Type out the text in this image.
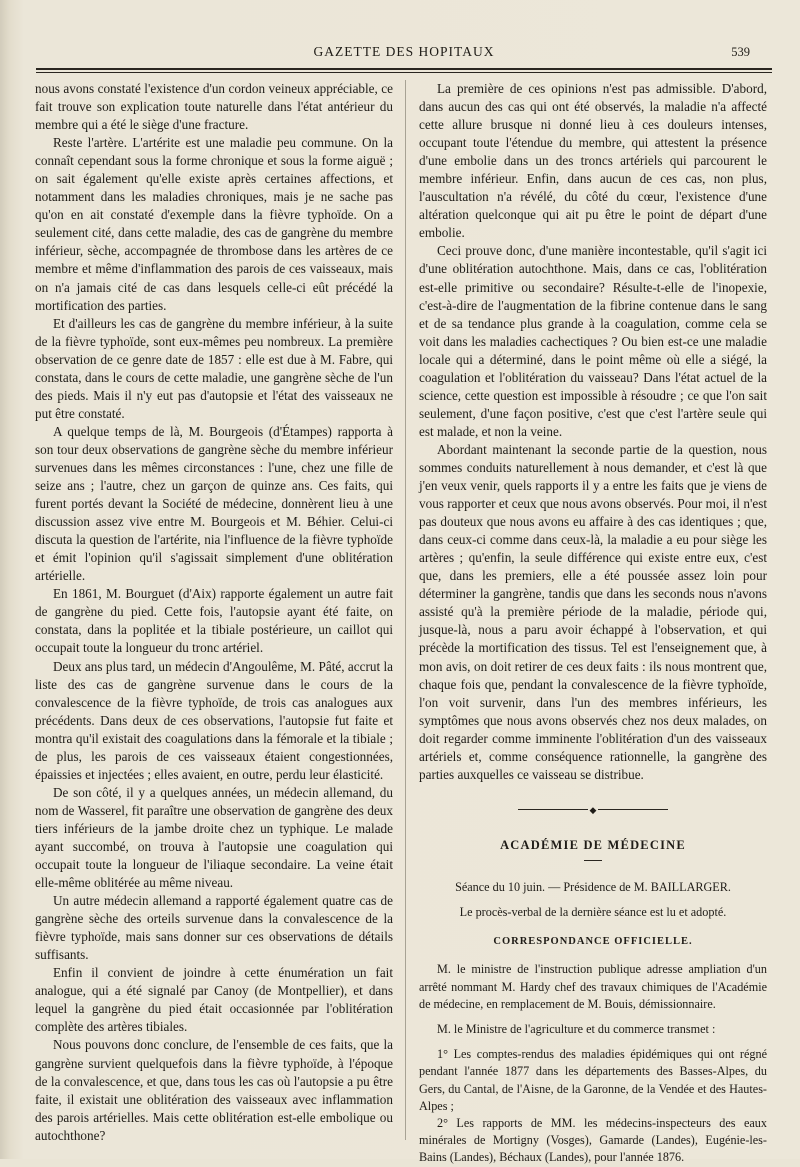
GAZETTE DES HOPITAUX	539

nous avons constaté l'existence d'un cordon veineux appréciable, ce fait trouve son explication toute naturelle dans l'état antérieur du membre qui a été le siège d'une fracture.

Reste l'artère. L'artérite est une maladie peu commune. On la connaît cependant sous la forme chronique et sous la forme aiguë ; on sait également qu'elle existe après certaines affections, et notamment dans les maladies chroniques, mais je ne sache pas qu'on en ait constaté d'exemple dans la fièvre typhoïde. On a seulement cité, dans cette maladie, des cas de gangrène du membre inférieur, sèche, accompagnée de thrombose dans les artères de ce membre et même d'inflammation des parois de ces vaisseaux, mais on n'a jamais cité de cas dans lesquels celle-ci eût précédé la mortification des parties.

Et d'ailleurs les cas de gangrène du membre inférieur, à la suite de la fièvre typhoïde, sont eux-mêmes peu nombreux. La première observation de ce genre date de 1857 : elle est due à M. Fabre, qui constata, dans le cours de cette maladie, une gangrène sèche de l'un des pieds. Mais il n'y eut pas d'autopsie et l'état des vaisseaux ne put être constaté.

A quelque temps de là, M. Bourgeois (d'Étampes) rapporta à son tour deux observations de gangrène sèche du membre inférieur survenues dans les mêmes circonstances : l'une, chez une fille de seize ans ; l'autre, chez un garçon de quinze ans. Ces faits, qui furent portés devant la Société de médecine, donnèrent lieu à une discussion assez vive entre M. Bourgeois et M. Béhier. Celui-ci discuta la question de l'artérite, nia l'influence de la fièvre typhoïde et émit l'opinion qu'il s'agissait simplement d'une oblitération artérielle.

En 1861, M. Bourguet (d'Aix) rapporte également un autre fait de gangrène du pied. Cette fois, l'autopsie ayant été faite, on constata, dans la poplitée et la tibiale postérieure, un caillot qui occupait toute la longueur du tronc artériel.

Deux ans plus tard, un médecin d'Angoulême, M. Pâté, accrut la liste des cas de gangrène survenue dans le cours de la convalescence de la fièvre typhoïde, de trois cas analogues aux précédents. Dans deux de ces observations, l'autopsie fut faite et montra qu'il existait des coagulations dans la fémorale et la tibiale ; de plus, les parois de ces vaisseaux étaient congestionnées, épaissies et injectées ; elles avaient, en outre, perdu leur élasticité.

De son côté, il y a quelques années, un médecin allemand, du nom de Wasserel, fit paraître une observation de gangrène des deux tiers inférieurs de la jambe droite chez un typhique. Le malade ayant succombé, on trouva à l'autopsie une coagulation qui occupait toute la longueur de l'iliaque secondaire. La veine était elle-même oblitérée au même niveau.

Un autre médecin allemand a rapporté également quatre cas de gangrène sèche des orteils survenue dans la convalescence de la fièvre typhoïde, mais sans donner sur ces observations de détails suffisants.

Enfin il convient de joindre à cette énumération un fait analogue, qui a été signalé par Canoy (de Montpellier), et dans lequel la gangrène du pied était occasionnée par l'oblitération complète des artères tibiales.

Nous pouvons donc conclure, de l'ensemble de ces faits, que la gangrène survient quelquefois dans la fièvre typhoïde, à l'époque de la convalescence, et que, dans tous les cas où l'autopsie a pu être faite, il existait une oblitération des vaisseaux avec inflammation des parois artérielles. Mais cette oblitération est-elle embolique ou autochthone?

La première de ces opinions n'est pas admissible. D'abord, dans aucun des cas qui ont été observés, la maladie n'a affecté cette allure brusque ni donné lieu à ces douleurs intenses, occupant toute l'étendue du membre, qui attestent la présence d'une embolie dans un des troncs artériels qui parcourent le membre inférieur. Enfin, dans aucun de ces cas, non plus, l'auscultation n'a révélé, du côté du cœur, l'existence d'une altération quelconque qui ait pu être le point de départ d'une embolie.

Ceci prouve donc, d'une manière incontestable, qu'il s'agit ici d'une oblitération autochthone. Mais, dans ce cas, l'oblitération est-elle primitive ou secondaire? Résulte-t-elle de l'inopexie, c'est-à-dire de l'augmentation de la fibrine contenue dans le sang et de sa tendance plus grande à la coagulation, comme cela se voit dans les maladies cachectiques ? Ou bien est-ce une maladie locale qui a déterminé, dans le point même où elle a siégé, la coagulation et l'oblitération du vaisseau? Dans l'état actuel de la science, cette question est impossible à résoudre ; ce que l'on sait seulement, d'une façon positive, c'est que c'est l'artère seule qui est malade, et non la veine.

Abordant maintenant la seconde partie de la question, nous sommes conduits naturellement à nous demander, et c'est là que j'en veux venir, quels rapports il y a entre les faits que je viens de vous rapporter et ceux que nous avons observés. Pour moi, il n'est pas douteux que nous avons eu affaire à des cas identiques ; que, dans ceux-ci comme dans ceux-là, la maladie a eu pour siège les artères ; qu'enfin, la seule différence qui existe entre eux, c'est que, dans les premiers, elle a été poussée assez loin pour déterminer la gangrène, tandis que dans les seconds nous n'avons assisté qu'à la première période de la maladie, période qui, jusque-là, nous a paru avoir échappé à l'observation, et qui précède la mortification des tissus. Tel est l'enseignement que, à mon avis, on doit retirer de ces deux faits : ils nous montrent que, chaque fois que, pendant la convalescence de la fièvre typhoïde, l'on voit survenir, dans l'un des membres inférieurs, les symptômes que nous avons observés chez nos deux malades, on doit regarder comme imminente l'oblitération d'un des vaisseaux artériels et, comme conséquence rationnelle, la gangrène des parties auxquelles ce vaisseau se distribue.

◆
ACADÉMIE DE MÉDECINE

Séance du 10 juin. — Présidence de M. BAILLARGER.

Le procès-verbal de la dernière séance est lu et adopté.

CORRESPONDANCE OFFICIELLE.

M. le ministre de l'instruction publique adresse ampliation d'un arrêté nommant M. Hardy chef des travaux chimiques de l'Académie de médecine, en remplacement de M. Bouis, démissionnaire.

M. le Ministre de l'agriculture et du commerce transmet :

1° Les comptes-rendus des maladies épidémiques qui ont régné pendant l'année 1877 dans les départements des Basses-Alpes, du Gers, du Cantal, de l'Aisne, de la Garonne, de la Vendée et des Hautes-Alpes ;

2° Les rapports de MM. les médecins-inspecteurs des eaux minérales de Mortigny (Vosges), Gamarde (Landes), Eugénie-les-Bains (Landes), Béchaux (Landes), pour l'année 1876.
